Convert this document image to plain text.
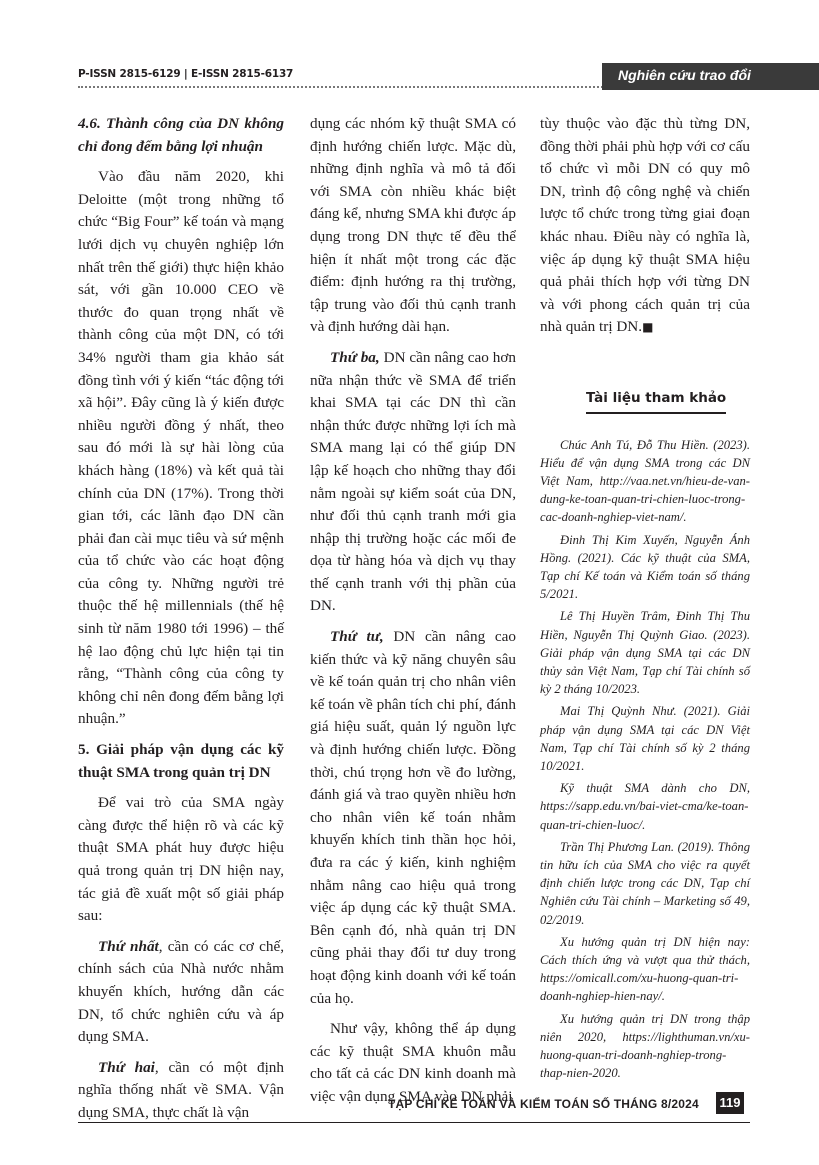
P-ISSN 2815-6129 | E-ISSN 2815-6137	Nghiên cứu trao đổi
4.6. Thành công của DN không chỉ đong đếm bằng lợi nhuận

Vào đầu năm 2020, khi Deloitte (một trong những tổ chức “Big Four” kế toán và mạng lưới dịch vụ chuyên nghiệp lớn nhất trên thế giới) thực hiện khảo sát, với gần 10.000 CEO về thước đo quan trọng nhất về thành công của một DN, có tới 34% người tham gia khảo sát đồng tình với ý kiến “tác động tới xã hội”. Đây cũng là ý kiến được nhiều người đồng ý nhất, theo sau đó mới là sự hài lòng của khách hàng (18%) và kết quả tài chính của DN (17%). Trong thời gian tới, các lãnh đạo DN cần phải đan cài mục tiêu và sứ mệnh của tổ chức vào các hoạt động của công ty. Những người trẻ thuộc thế hệ millennials (thế hệ sinh từ năm 1980 tới 1996) – thế hệ lao động chủ lực hiện tại tin rằng, “Thành công của công ty không chỉ nên đong đếm bằng lợi nhuận.”

5. Giải pháp vận dụng các kỹ thuật SMA trong quản trị DN

Để vai trò của SMA ngày càng được thể hiện rõ và các kỹ thuật SMA phát huy được hiệu quả trong quản trị DN hiện nay, tác giả đề xuất một số giải pháp sau:

Thứ nhất, cần có các cơ chế, chính sách của Nhà nước nhằm khuyến khích, hướng dẫn các DN, tổ chức nghiên cứu và áp dụng SMA.

Thứ hai, cần có một định nghĩa thống nhất về SMA. Vận dụng SMA, thực chất là vận

dụng các nhóm kỹ thuật SMA có định hướng chiến lược. Mặc dù, những định nghĩa và mô tả đối với SMA còn nhiều khác biệt đáng kể, nhưng SMA khi được áp dụng trong DN thực tế đều thể hiện ít nhất một trong các đặc điểm: định hướng ra thị trường, tập trung vào đối thủ cạnh tranh và định hướng dài hạn.

Thứ ba, DN cần nâng cao hơn nữa nhận thức về SMA để triển khai SMA tại các DN thì cần nhận thức được những lợi ích mà SMA mang lại có thể giúp DN lập kế hoạch cho những thay đổi nằm ngoài sự kiểm soát của DN, như đối thủ cạnh tranh mới gia nhập thị trường hoặc các mối đe dọa từ hàng hóa và dịch vụ thay thế cạnh tranh với thị phần của DN.

Thứ tư, DN cần nâng cao kiến thức và kỹ năng chuyên sâu về kế toán quản trị cho nhân viên kế toán về phân tích chi phí, đánh giá hiệu suất, quản lý nguồn lực và định hướng chiến lược. Đồng thời, chú trọng hơn về đo lường, đánh giá và trao quyền nhiều hơn cho nhân viên kế toán nhằm khuyến khích tinh thần học hỏi, đưa ra các ý kiến, kinh nghiệm nhằm nâng cao hiệu quả trong việc áp dụng các kỹ thuật SMA. Bên cạnh đó, nhà quản trị DN cũng phải thay đổi tư duy trong hoạt động kinh doanh với kế toán của họ.

Như vậy, không thể áp dụng các kỹ thuật SMA khuôn mẫu cho tất cả các DN kinh doanh mà việc vận dụng SMA vào DN phải

tùy thuộc vào đặc thù từng DN, đồng thời phải phù hợp với cơ cấu tổ chức vì mỗi DN có quy mô DN, trình độ công nghệ và chiến lược tổ chức trong từng giai đoạn khác nhau. Điều này có nghĩa là, việc áp dụng kỹ thuật SMA hiệu quả phải thích hợp với từng DN và với phong cách quản trị của nhà quản trị DN.■

Tài liệu tham khảo

Chúc Anh Tú, Đỗ Thu Hiền. (2023). Hiểu để vận dụng SMA trong các DN Việt Nam, http://vaa.net.vn/hieu-de-van-dung-ke-toan-quan-tri-chien-luoc-trong-cac-doanh-nghiep-viet-nam/.

Đinh Thị Kim Xuyến, Nguyễn Ánh Hồng. (2021). Các kỹ thuật của SMA, Tạp chí Kế toán và Kiểm toán số tháng 5/2021.

Lê Thị Huyền Trâm, Đinh Thị Thu Hiền, Nguyễn Thị Quỳnh Giao. (2023). Giải pháp vận dụng SMA tại các DN thủy sản Việt Nam, Tạp chí Tài chính số kỳ 2 tháng 10/2023.

Mai Thị Quỳnh Như. (2021). Giải pháp vận dụng SMA tại các DN Việt Nam, Tạp chí Tài chính số kỳ 2 tháng 10/2021.

Kỹ thuật SMA dành cho DN, https://sapp.edu.vn/bai-viet-cma/ke-toan-quan-tri-chien-luoc/.

Trần Thị Phương Lan. (2019). Thông tin hữu ích của SMA cho việc ra quyết định chiến lược trong các DN, Tạp chí Nghiên cứu Tài chính – Marketing số 49, 02/2019.

Xu hướng quản trị DN hiện nay: Cách thích ứng và vượt qua thử thách, https://omicall.com/xu-huong-quan-tri-doanh-nghiep-hien-nay/.

Xu hướng quản trị DN trong thập niên 2020, https://lighthuman.vn/xu-huong-quan-tri-doanh-nghiep-trong-thap-nien-2020.

TẠP CHÍ KẾ TOÁN VÀ KIỂM TOÁN SỐ THÁNG 8/2024 119
